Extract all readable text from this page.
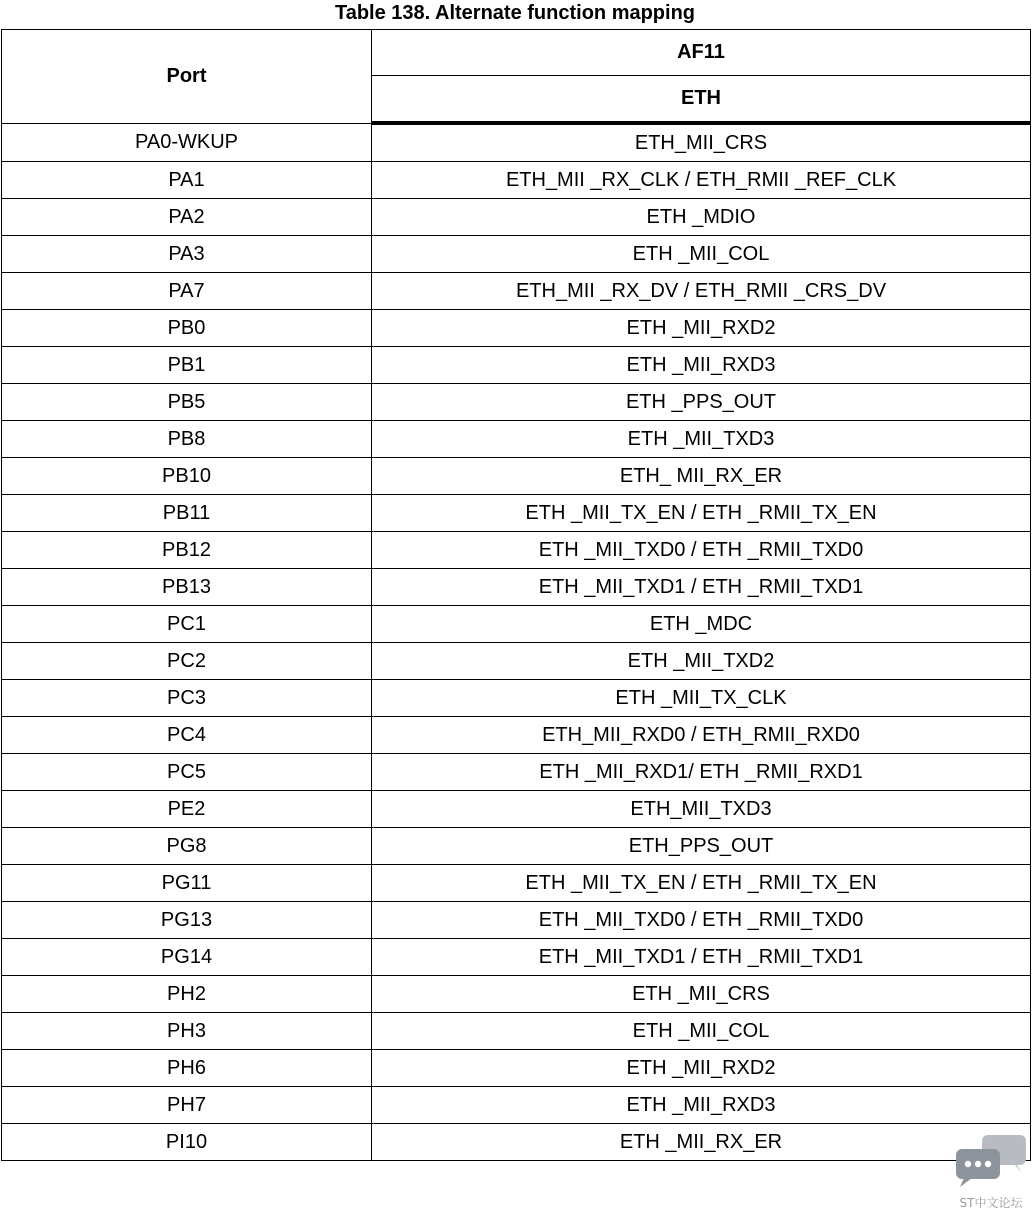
Table 138. Alternate function mapping
Port	AF11
	ETH
PA0-WKUP	ETH_MII_CRS
PA1	ETH_MII _RX_CLK / ETH_RMII _REF_CLK
PA2	ETH _MDIO
PA3	ETH _MII_COL
PA7	ETH_MII _RX_DV / ETH_RMII _CRS_DV
PB0	ETH _MII_RXD2
PB1	ETH _MII_RXD3
PB5	ETH _PPS_OUT
PB8	ETH _MII_TXD3
PB10	ETH_ MII_RX_ER
PB11	ETH _MII_TX_EN / ETH _RMII_TX_EN
PB12	ETH _MII_TXD0 / ETH _RMII_TXD0
PB13	ETH _MII_TXD1 / ETH _RMII_TXD1
PC1	ETH _MDC
PC2	ETH _MII_TXD2
PC3	ETH _MII_TX_CLK
PC4	ETH_MII_RXD0 / ETH_RMII_RXD0
PC5	ETH _MII_RXD1/ ETH _RMII_RXD1
PE2	ETH_MII_TXD3
PG8	ETH_PPS_OUT
PG11	ETH _MII_TX_EN / ETH _RMII_TX_EN
PG13	ETH _MII_TXD0 / ETH _RMII_TXD0
PG14	ETH _MII_TXD1 / ETH _RMII_TXD1
PH2	ETH _MII_CRS
PH3	ETH _MII_COL
PH6	ETH _MII_RXD2
PH7	ETH _MII_RXD3
PI10	ETH _MII_RX_ER
ST中文论坛
